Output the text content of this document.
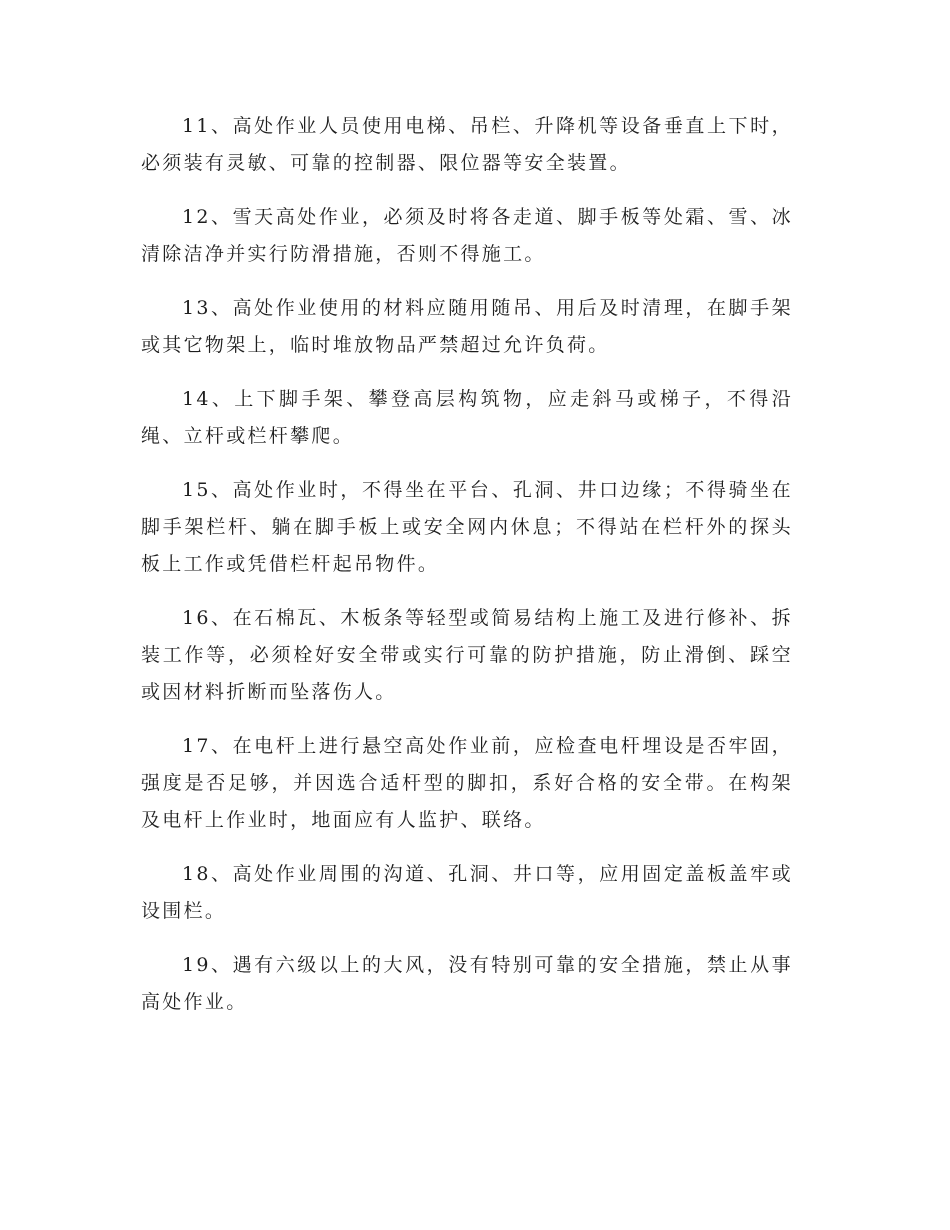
11、高处作业人员使用电梯、吊栏、升降机等设备垂直上下时，必须装有灵敏、可靠的控制器、限位器等安全装置。

12、雪天高处作业，必须及时将各走道、脚手板等处霜、雪、冰清除洁净并实行防滑措施，否则不得施工。

13、高处作业使用的材料应随用随吊、用后及时清理，在脚手架或其它物架上，临时堆放物品严禁超过允许负荷。

14、上下脚手架、攀登高层构筑物，应走斜马或梯子，不得沿绳、立杆或栏杆攀爬。

15、高处作业时，不得坐在平台、孔洞、井口边缘；不得骑坐在脚手架栏杆、躺在脚手板上或安全网内休息；不得站在栏杆外的探头板上工作或凭借栏杆起吊物件。

16、在石棉瓦、木板条等轻型或简易结构上施工及进行修补、拆装工作等，必须栓好安全带或实行可靠的防护措施，防止滑倒、踩空或因材料折断而坠落伤人。

17、在电杆上进行悬空高处作业前，应检查电杆埋设是否牢固，强度是否足够，并因选合适杆型的脚扣，系好合格的安全带。在构架及电杆上作业时，地面应有人监护、联络。

18、高处作业周围的沟道、孔洞、井口等，应用固定盖板盖牢或设围栏。

19、遇有六级以上的大风，没有特别可靠的安全措施，禁止从事高处作业。
